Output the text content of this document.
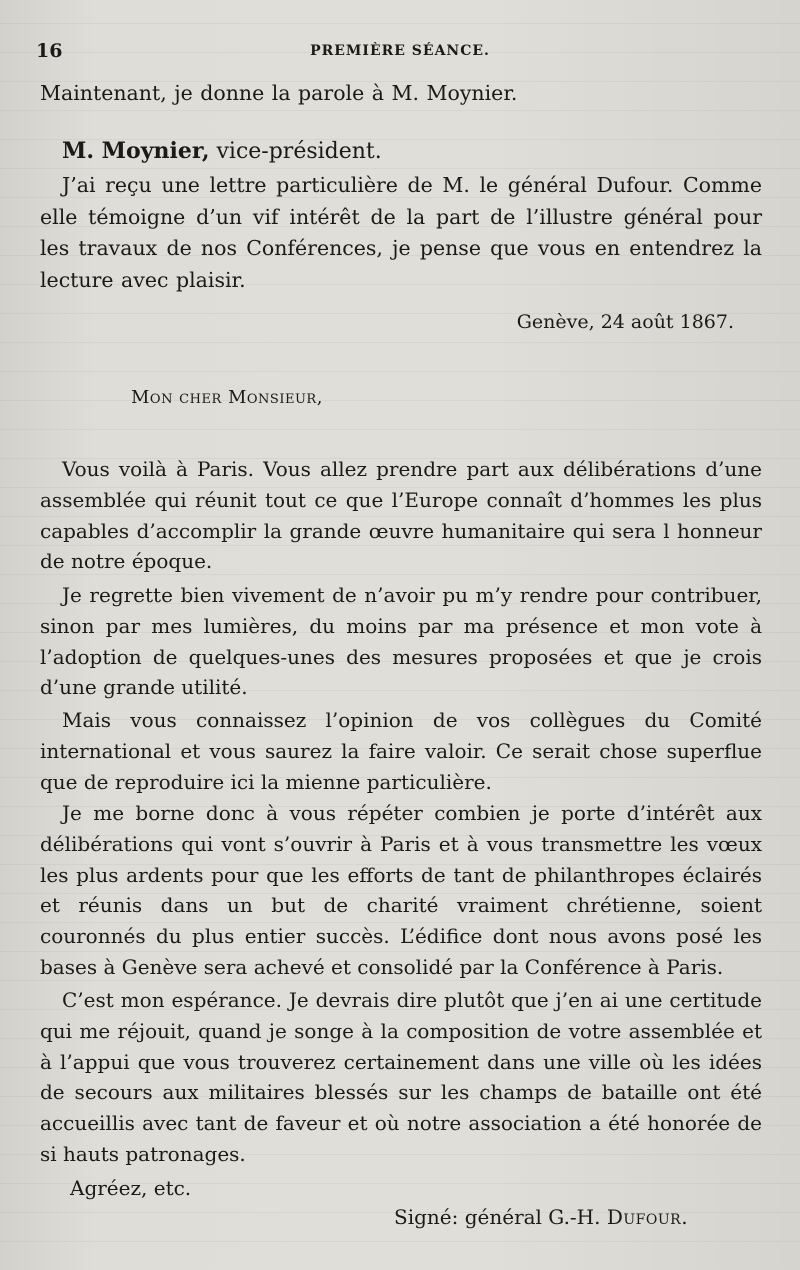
16	PREMIÈRE SÉANCE.

Maintenant, je donne la parole à M. Moynier.

M. Moynier, vice-président.

J’ai reçu une lettre particulière de M. le général Dufour. Comme elle témoigne d’un vif intérêt de la part de l’illustre général pour les travaux de nos Conférences, je pense que vous en entendrez la lecture avec plaisir.

Genève, 24 août 1867.
Mon cher Monsieur,

Vous voilà à Paris. Vous allez prendre part aux délibérations d’une assemblée qui réunit tout ce que l’Europe connaît d’hommes les plus capables d’accomplir la grande œuvre humanitaire qui sera l honneur de notre époque.

Je regrette bien vivement de n’avoir pu m’y rendre pour contribuer, sinon par mes lumières, du moins par ma présence et mon vote à l’adoption de quelques-unes des mesures proposées et que je crois d’une grande utilité.

Mais vous connaissez l’opinion de vos collègues du Comité international et vous saurez la faire valoir. Ce serait chose superflue que de reproduire ici la mienne particulière.

Je me borne donc à vous répéter combien je porte d’intérêt aux délibérations qui vont s’ouvrir à Paris et à vous transmettre les vœux les plus ardents pour que les efforts de tant de philanthropes éclairés et réunis dans un but de charité vraiment chrétienne, soient couronnés du plus entier succès. L’édifice dont nous avons posé les bases à Genève sera achevé et consolidé par la Conférence à Paris.

C’est mon espérance. Je devrais dire plutôt que j’en ai une certitude qui me réjouit, quand je songe à la composition de votre assemblée et à l’appui que vous trouverez certainement dans une ville où les idées de secours aux militaires blessés sur les champs de bataille ont été accueillis avec tant de faveur et où notre association a été honorée de si hauts patronages.

Agréez, etc.
Signé: général G.-H. Dufour.
